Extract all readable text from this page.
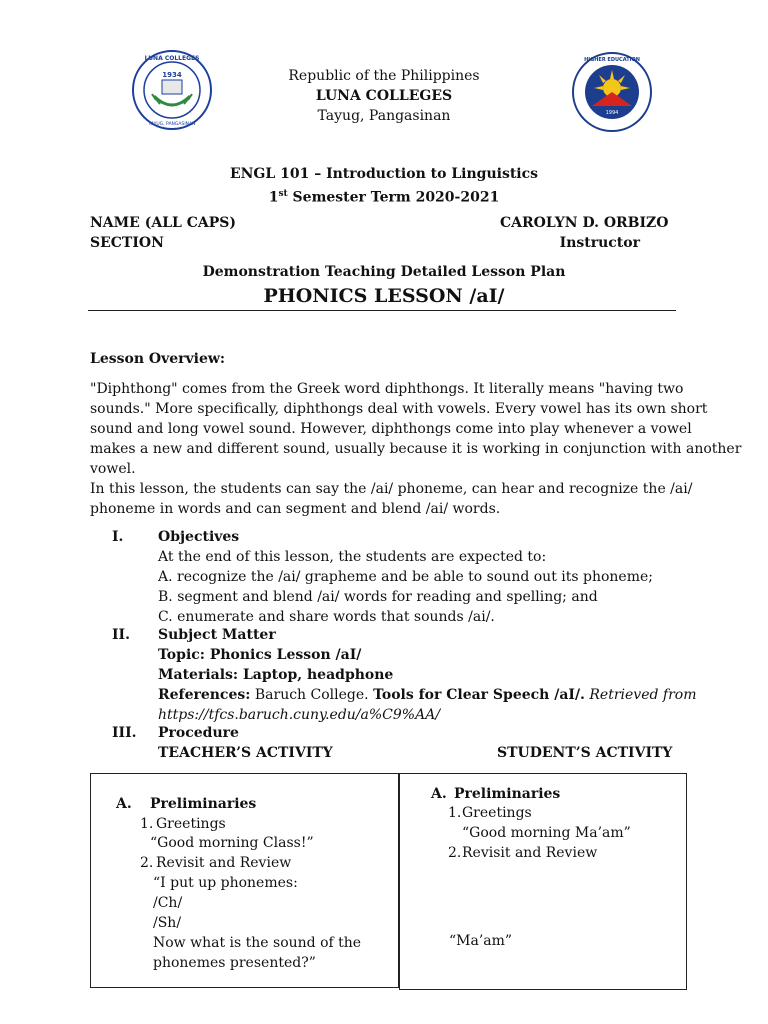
1934
LUNA COLLEGES
TAYUG, PANGASINAN
HIGHER EDUCATION
1994
Republic of the Philippines
LUNA COLLEGES
Tayug, Pangasinan
ENGL 101 – Introduction to Linguistics
1st Semester Term 2020-2021
NAME (ALL CAPS)
SECTION
CAROLYN D. ORBIZO
Instructor
Demonstration Teaching Detailed Lesson Plan
PHONICS LESSON /aI/
Lesson Overview:
"Diphthong" comes from the Greek word diphthongs. It literally means "having two
sounds." More specifically, diphthongs deal with vowels. Every vowel has its own short
sound and long vowel sound. However, diphthongs come into play whenever a vowel
makes a new and different sound, usually because it is working in conjunction with another
vowel.
In this lesson, the students can say the /ai/ phoneme, can hear and recognize the /ai/
phoneme in words and can segment and blend /ai/ words.
I. Objectives
At the end of this lesson, the students are expected to:
A. recognize the /ai/ grapheme and be able to sound out its phoneme;
B. segment and blend /ai/ words for reading and spelling; and
C. enumerate and share words that sounds /ai/.
II. Subject Matter
Topic: Phonics Lesson /aI/
Materials: Laptop, headphone
References: Baruch College. Tools for Clear Speech /aI/. Retrieved from
https://tfcs.baruch.cuny.edu/a%C9%AA/
III. Procedure
TEACHER’S ACTIVITY	STUDENT’S ACTIVITY
A. Preliminaries
1. Greetings
“Good morning Class!”
2. Revisit and Review
“I put up phonemes:
/Ch/
/Sh/
Now what is the sound of the
phonemes presented?”
A. Preliminaries
1. Greetings
“Good morning Ma’am”
2. Revisit and Review
“Ma’am”
